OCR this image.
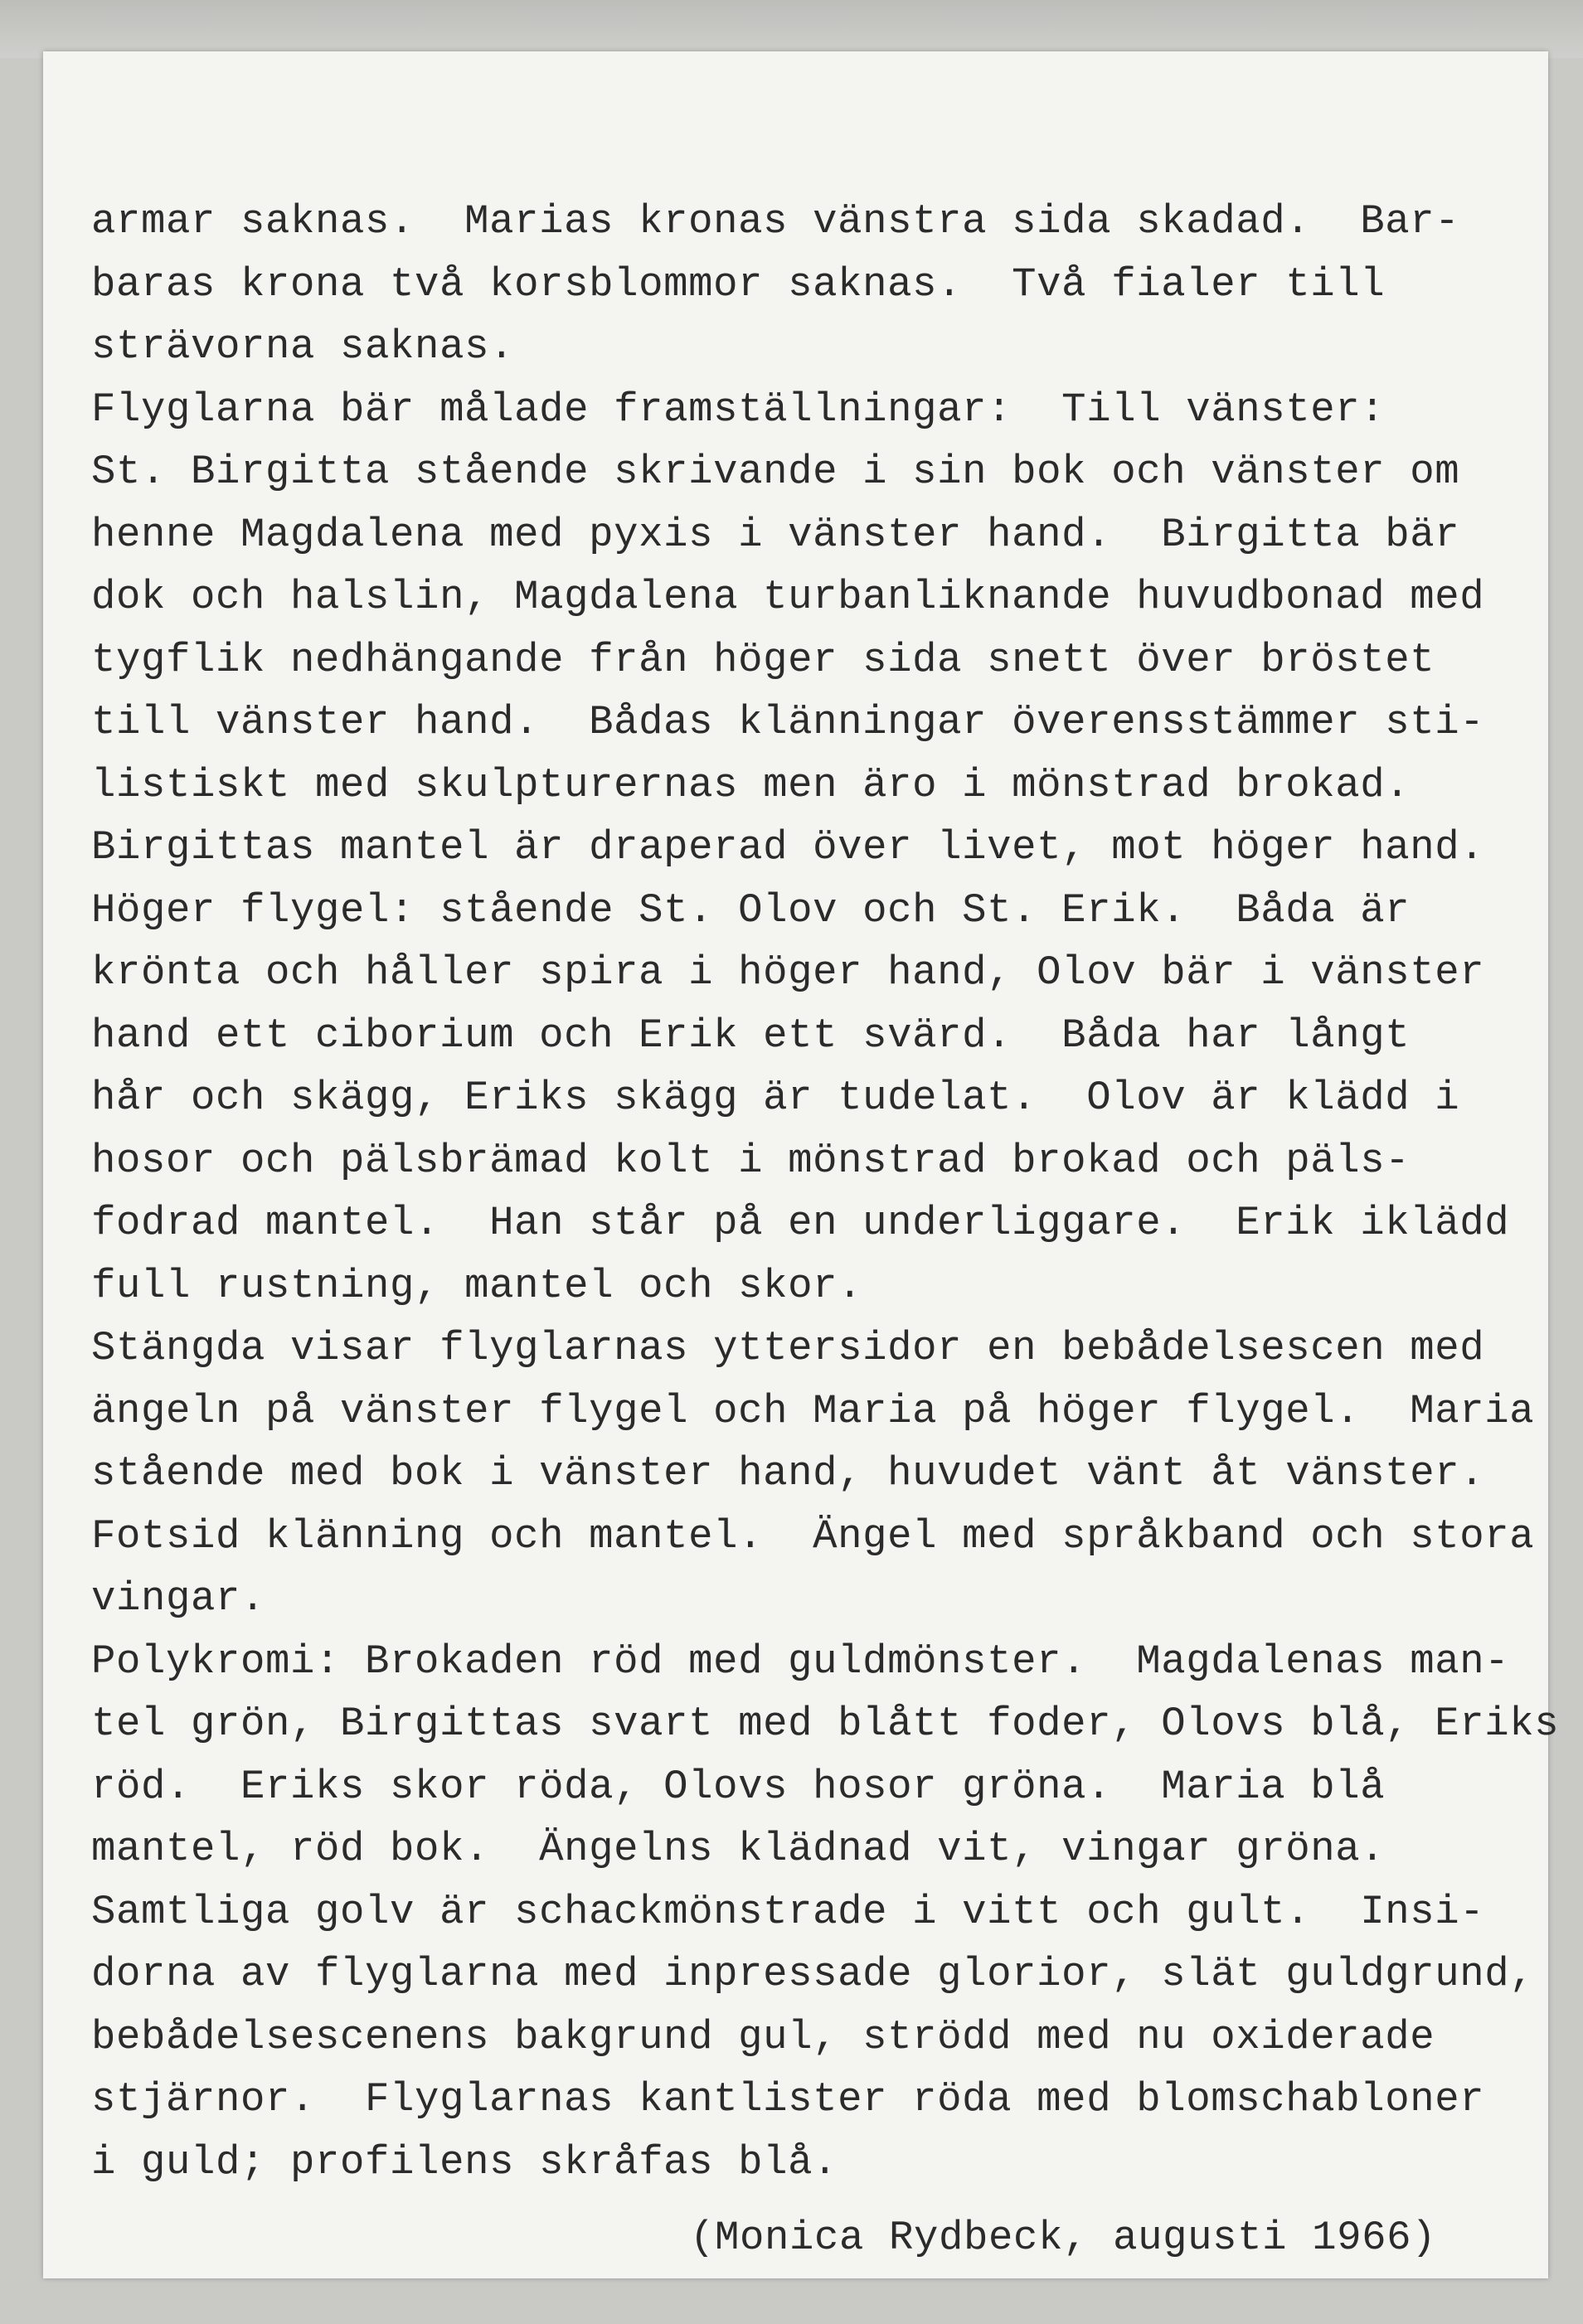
armar saknas.  Marias kronas vänstra sida skadad.  Bar-
baras krona två korsblommor saknas.  Två fialer till
strävorna saknas.
Flyglarna bär målade framställningar:  Till vänster:
St. Birgitta stående skrivande i sin bok och vänster om
henne Magdalena med pyxis i vänster hand.  Birgitta bär
dok och halslin, Magdalena turbanliknande huvudbonad med
tygflik nedhängande från höger sida snett över bröstet
till vänster hand.  Bådas klänningar överensstämmer sti-
listiskt med skulpturernas men äro i mönstrad brokad.
Birgittas mantel är draperad över livet, mot höger hand.
Höger flygel: stående St. Olov och St. Erik.  Båda är
krönta och håller spira i höger hand, Olov bär i vänster
hand ett ciborium och Erik ett svärd.  Båda har långt
hår och skägg, Eriks skägg är tudelat.  Olov är klädd i
hosor och pälsbrämad kolt i mönstrad brokad och päls-
fodrad mantel.  Han står på en underliggare.  Erik iklädd
full rustning, mantel och skor.
Stängda visar flyglarnas yttersidor en bebådelsescen med
ängeln på vänster flygel och Maria på höger flygel.  Maria
stående med bok i vänster hand, huvudet vänt åt vänster.
Fotsid klänning och mantel.  Ängel med språkband och stora
vingar.
Polykromi: Brokaden röd med guldmönster.  Magdalenas man-
tel grön, Birgittas svart med blått foder, Olovs blå, Eriks
röd.  Eriks skor röda, Olovs hosor gröna.  Maria blå
mantel, röd bok.  Ängelns klädnad vit, vingar gröna.
Samtliga golv är schackmönstrade i vitt och gult.  Insi-
dorna av flyglarna med inpressade glorior, slät guldgrund,
bebådelsescenens bakgrund gul, strödd med nu oxiderade
stjärnor.  Flyglarnas kantlister röda med blomschabloner
i guld; profilens skråfas blå.
(Monica Rydbeck, augusti 1966)
